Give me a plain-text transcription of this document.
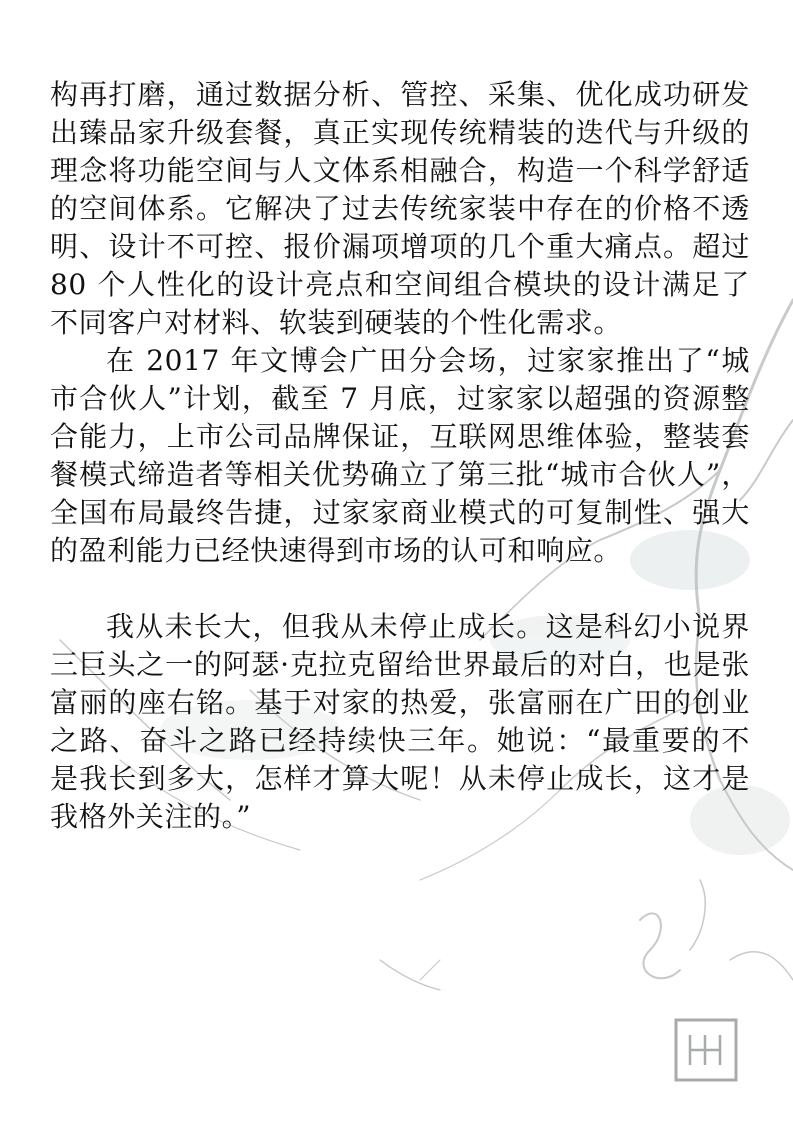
构再打磨，通过数据分析、管控、采集、优化成功研发出臻品家升级套餐，真正实现传统精装的迭代与升级的理念将功能空间与人文体系相融合，构造一个科学舒适的空间体系。它解决了过去传统家装中存在的价格不透明、设计不可控、报价漏项增项的几个重大痛点。超过 80 个人性化的设计亮点和空间组合模块的设计满足了不同客户对材料、软装到硬装的个性化需求。

在 2017 年文博会广田分会场，过家家推出了“城市合伙人”计划，截至 7 月底，过家家以超强的资源整合能力，上市公司品牌保证，互联网思维体验，整装套餐模式缔造者等相关优势确立了第三批“城市合伙人”，全国布局最终告捷，过家家商业模式的可复制性、强大的盈利能力已经快速得到市场的认可和响应。

我从未长大，但我从未停止成长。这是科幻小说界三巨头之一的阿瑟·克拉克留给世界最后的对白，也是张富丽的座右铭。基于对家的热爱，张富丽在广田的创业之路、奋斗之路已经持续快三年。她说：“最重要的不是我长到多大，怎样才算大呢！从未停止成长，这才是我格外关注的。”
